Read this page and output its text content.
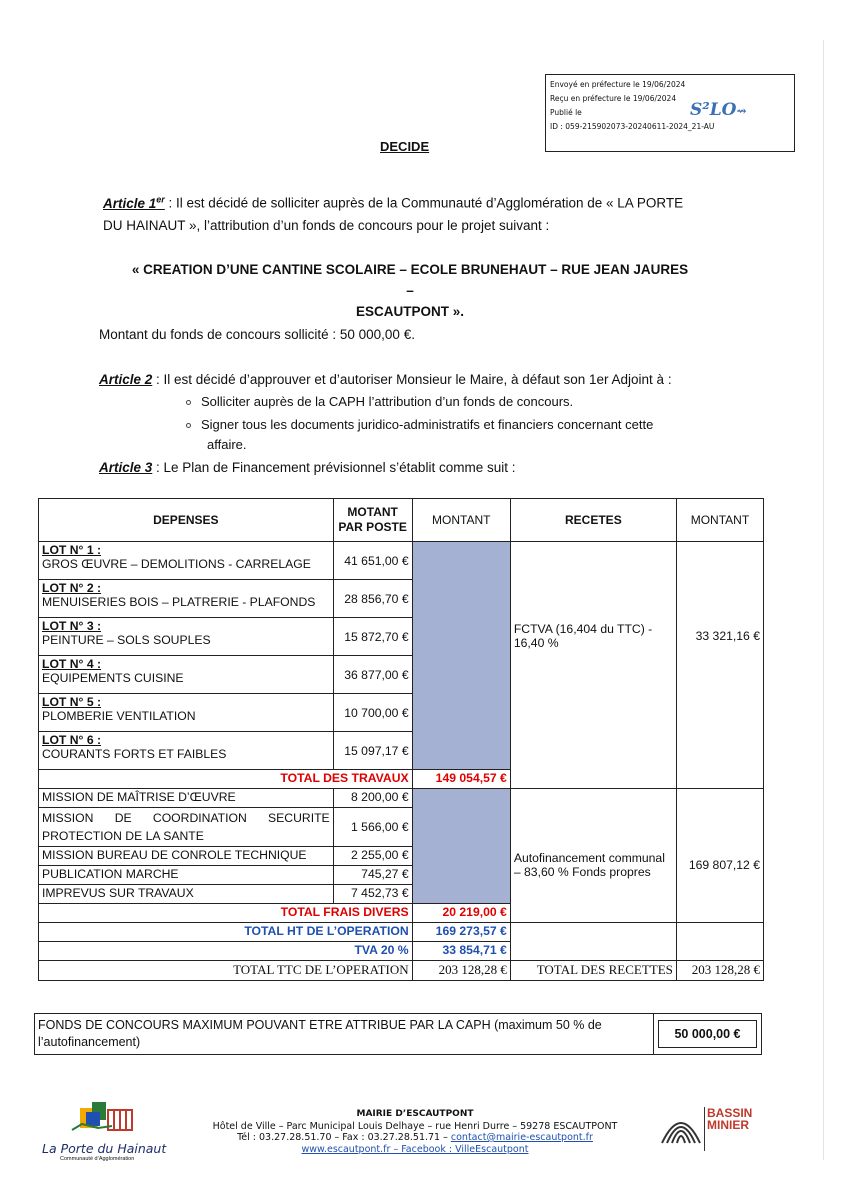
Envoyé en préfecture le 19/06/2024
Reçu en préfecture le 19/06/2024
Publié le
ID : 059-215902073-20240611-2024_21-AU
S²LO⇝
DECIDE
Article 1er : Il est décidé de solliciter auprès de la Communauté d’Agglomération de « LA PORTE
DU HAINAUT », l’attribution d’un fonds de concours pour le projet suivant :
« CREATION D’UNE CANTINE SCOLAIRE – ECOLE BRUNEHAUT – RUE JEAN JAURES –
ESCAUTPONT ».
Montant du fonds de concours sollicité : 50 000,00 €.
Article 2 : Il est décidé d’approuver et d’autoriser Monsieur le Maire, à défaut son 1er Adjoint à :
Solliciter auprès de la CAPH l’attribution d’un fonds de concours.
Signer tous les documents juridico-administratifs et financiers concernant cette
affaire.
Article 3 : Le Plan de Financement prévisionnel s’établit comme suit :
DEPENSES	MOTANT PAR POSTE	MONTANT	RECETES	MONTANT

LOT N° 1 :
GROS ŒUVRE – DEMOLITIONS - CARRELAGE	41 651,00 €		FCTVA (16,404 du TTC) - 16,40 %	33 321,16 €

LOT N° 2 :
MENUISERIES BOIS – PLATRERIE - PLAFONDS	28 856,70 €			

LOT N° 3 :
PEINTURE – SOLS SOUPLES	15 872,70 €			

LOT N° 4 :
EQUIPEMENTS CUISINE	36 877,00 €			

LOT N° 5 :
PLOMBERIE VENTILATION	10 700,00 €			

LOT N° 6 :
COURANTS FORTS ET FAIBLES	15 097,17 €			
TOTAL DES TRAVAUX		149 054,57 €		
MISSION DE MAÎTRISE D’ŒUVRE	8 200,00 €		Autofinancement communal – 83,60 % Fonds propres	169 807,12 €
MISSION DE COORDINATION SECURITE PROTECTION DE LA SANTE	1 566,00 €			
MISSION BUREAU DE CONROLE TECHNIQUE	2 255,00 €			
PUBLICATION MARCHE	745,27 €			
IMPREVUS SUR TRAVAUX	7 452,73 €			
TOTAL FRAIS DIVERS		20 219,00 €		
TOTAL HT DE L’OPERATION		169 273,57 €		
TVA 20 %		33 854,71 €		
TOTAL TTC DE L’OPERATION		203 128,28 €	TOTAL DES RECETTES	203 128,28 €
FONDS DE CONCOURS MAXIMUM POUVANT ETRE ATTRIBUE PAR LA CAPH (maximum 50 % de l’autofinancement)
50 000,00 €
La Porte du Hainaut
Communauté d’Agglomération
MAIRIE D’ESCAUTPONT
Hôtel de Ville – Parc Municipal Louis Delhaye – rue Henri Durre – 59278 ESCAUTPONT
Tél : 03.27.28.51.70 – Fax : 03.27.28.51.71 – contact@mairie-escautpont.fr
www.escautpont.fr – Facebook : VilleEscautpont
BASSIN
MINIER
